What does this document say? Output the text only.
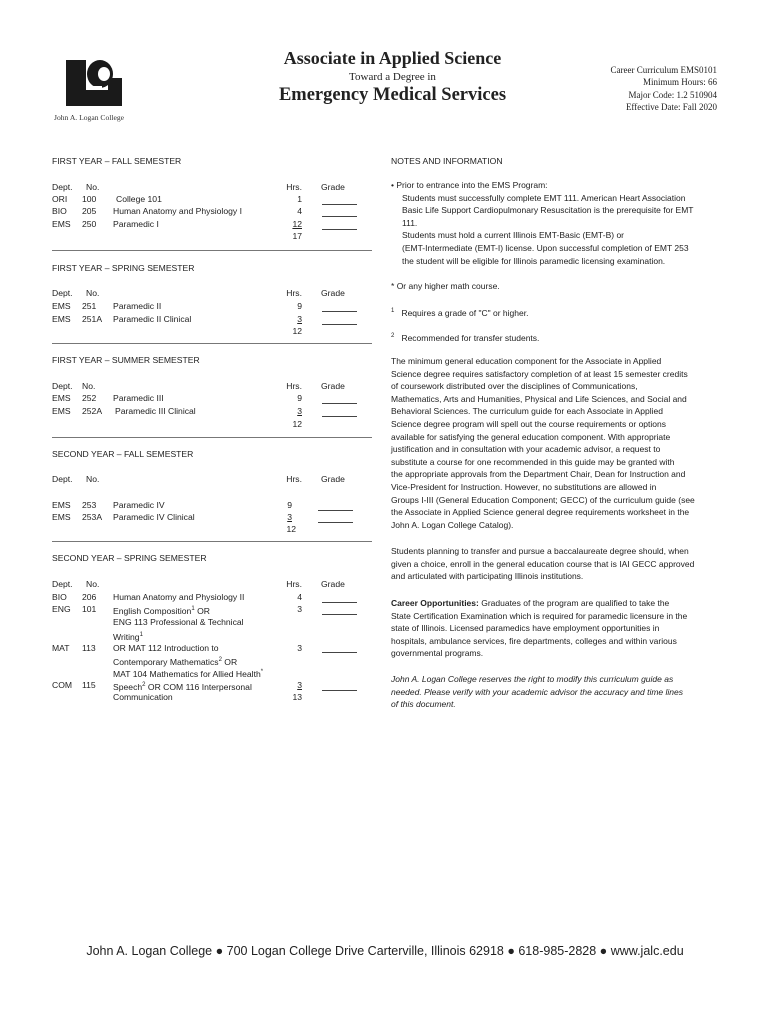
John A. Logan College
Associate in Applied Science
Toward a Degree in
Emergency Medical Services
Career Curriculum EMS0101
Minimum Hours: 66
Major Code: 1.2 510904
Effective Date: Fall 2020
FIRST YEAR – FALL SEMESTER
Dept.	No.	Hrs. Grade
ORI	100	College 101	1
BIO	205	Human Anatomy and Physiology I	4
EMS	250	Paramedic I	12
17
FIRST YEAR – SPRING SEMESTER
Dept.	No.	Hrs. Grade
EMS	251	Paramedic II	9
EMS	251A	Paramedic II Clinical	3
12
FIRST YEAR – SUMMER SEMESTER
Dept.	No.	Hrs. Grade
EMS	252	Paramedic III	9
EMS	252A	Paramedic III Clinical	3
12
SECOND YEAR – FALL SEMESTER
Dept.	No.	Hrs. Grade
EMS	253	Paramedic IV	9
EMS	253A	Paramedic IV Clinical	3
12
SECOND YEAR – SPRING SEMESTER
Dept.	No.	Hrs. Grade
BIO	206	Human Anatomy and Physiology II	4
ENG	101	English Composition$^1$ OR	3
ENG 113 Professional & Technical
Writing$^1$
MAT	113	OR MAT 112 Introduction to	3
Contemporary Mathematics$^2$ OR
MAT 104 Mathematics for Allied Health*
COM	115	Speech$^2$ OR COM 116 Interpersonal	3
Communication	13
NOTES AND INFORMATION
• Prior to entrance into the EMS Program:
Students must successfully complete EMT 111. American Heart Association
Basic Life Support Cardiopulmonary Resuscitation is the prerequisite for EMT
111.
Students must hold a current Illinois EMT-Basic (EMT-B) or
(EMT-Intermediate (EMT-I) license. Upon successful completion of EMT 253
the student will be eligible for Illinois paramedic licensing examination.
* Or any higher math course.
$^1$ Requires a grade of "C" or higher.
$^2$ Recommended for transfer students.
The minimum general education component for the Associate in Applied
Science degree requires satisfactory completion of at least 15 semester credits
of coursework distributed over the disciplines of Communications,
Mathematics, Arts and Humanities, Physical and Life Sciences, and Social and
Behavioral Sciences. The curriculum guide for each Associate in Applied
Science degree program will spell out the course requirements or options
available for satisfying the general education component. With appropriate
justification and in consultation with your academic advisor, a request to
substitute a course for one recommended in this guide may be granted with
the appropriate approvals from the Department Chair, Dean for Instruction and
Vice-President for Instruction. However, no substitutions are allowed in
Groups I-III (General Education Component; GECC) of the curriculum guide (see
the Associate in Applied Science general degree requirements worksheet in the
John A. Logan College Catalog).
Students planning to transfer and pursue a baccalaureate degree should, when
given a choice, enroll in the general education course that is IAI GECC approved
and articulated with participating Illinois institutions.
Career Opportunities: Graduates of the program are qualified to take the
State Certification Examination which is required for paramedic licensure in the
state of Illinois. Licensed paramedics have employment opportunities in
hospitals, ambulance services, fire departments, colleges and within various
governmental programs.
John A. Logan College reserves the right to modify this curriculum guide as
needed. Please verify with your academic advisor the accuracy and time lines
of this document.
John A. Logan College ● 700 Logan College Drive Carterville, Illinois 62918 ● 618-985-2828 ● www.jalc.edu
